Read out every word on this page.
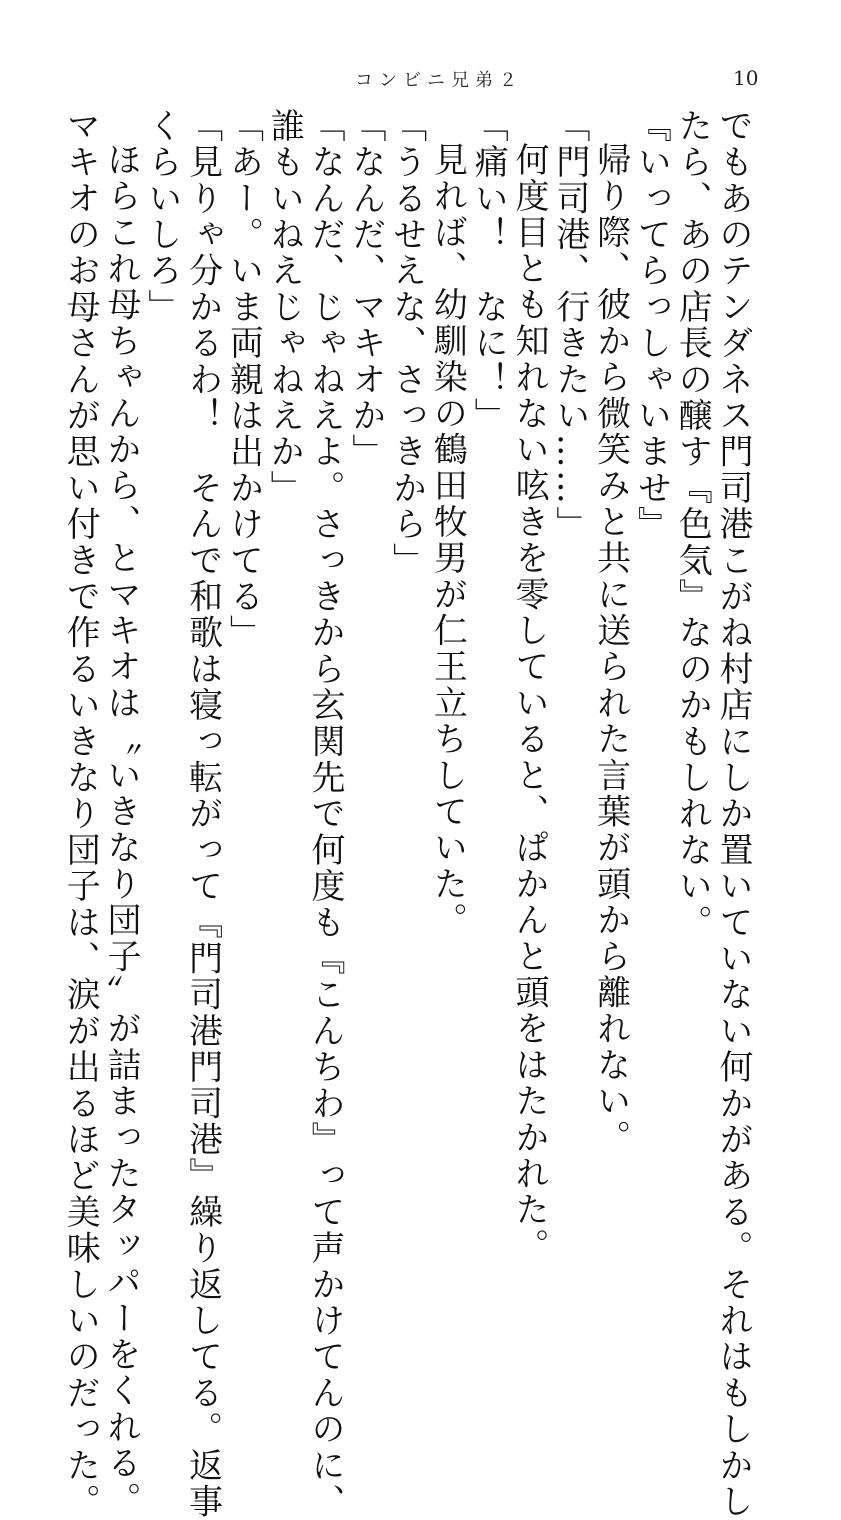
コンビニ兄弟２	10
でもあのテンダネス門司港こがね村店にしか置いていない何かがある。それはもしかし
たら、あの店長の醸す『色気』なのかもしれない。
『いってらっしゃいませ』
帰り際、彼から微笑みと共に送られた言葉が頭から離れない。
「門司港、行きたい……」
何度目とも知れない呟きを零していると、ぱかんと頭をはたかれた。
「痛い！　なに！」
見れば、幼馴染の鶴田牧男が仁王立ちしていた。
「うるせえな、さっきから」
「なんだ、マキオか」
「なんだ、じゃねえよ。さっきから玄関先で何度も『こんちわ』って声かけてんのに、
誰もいねえじゃねえか」
「あー。いま両親は出かけてる」
「見りゃ分かるわ！　そんで和歌は寝っ転がって『門司港門司港』繰り返してる。返事
くらいしろ」
ほらこれ母ちゃんから、とマキオは〝いきなり団子〟が詰まったタッパーをくれる。
マキオのお母さんが思い付きで作るいきなり団子は、涙が出るほど美味しいのだった。
